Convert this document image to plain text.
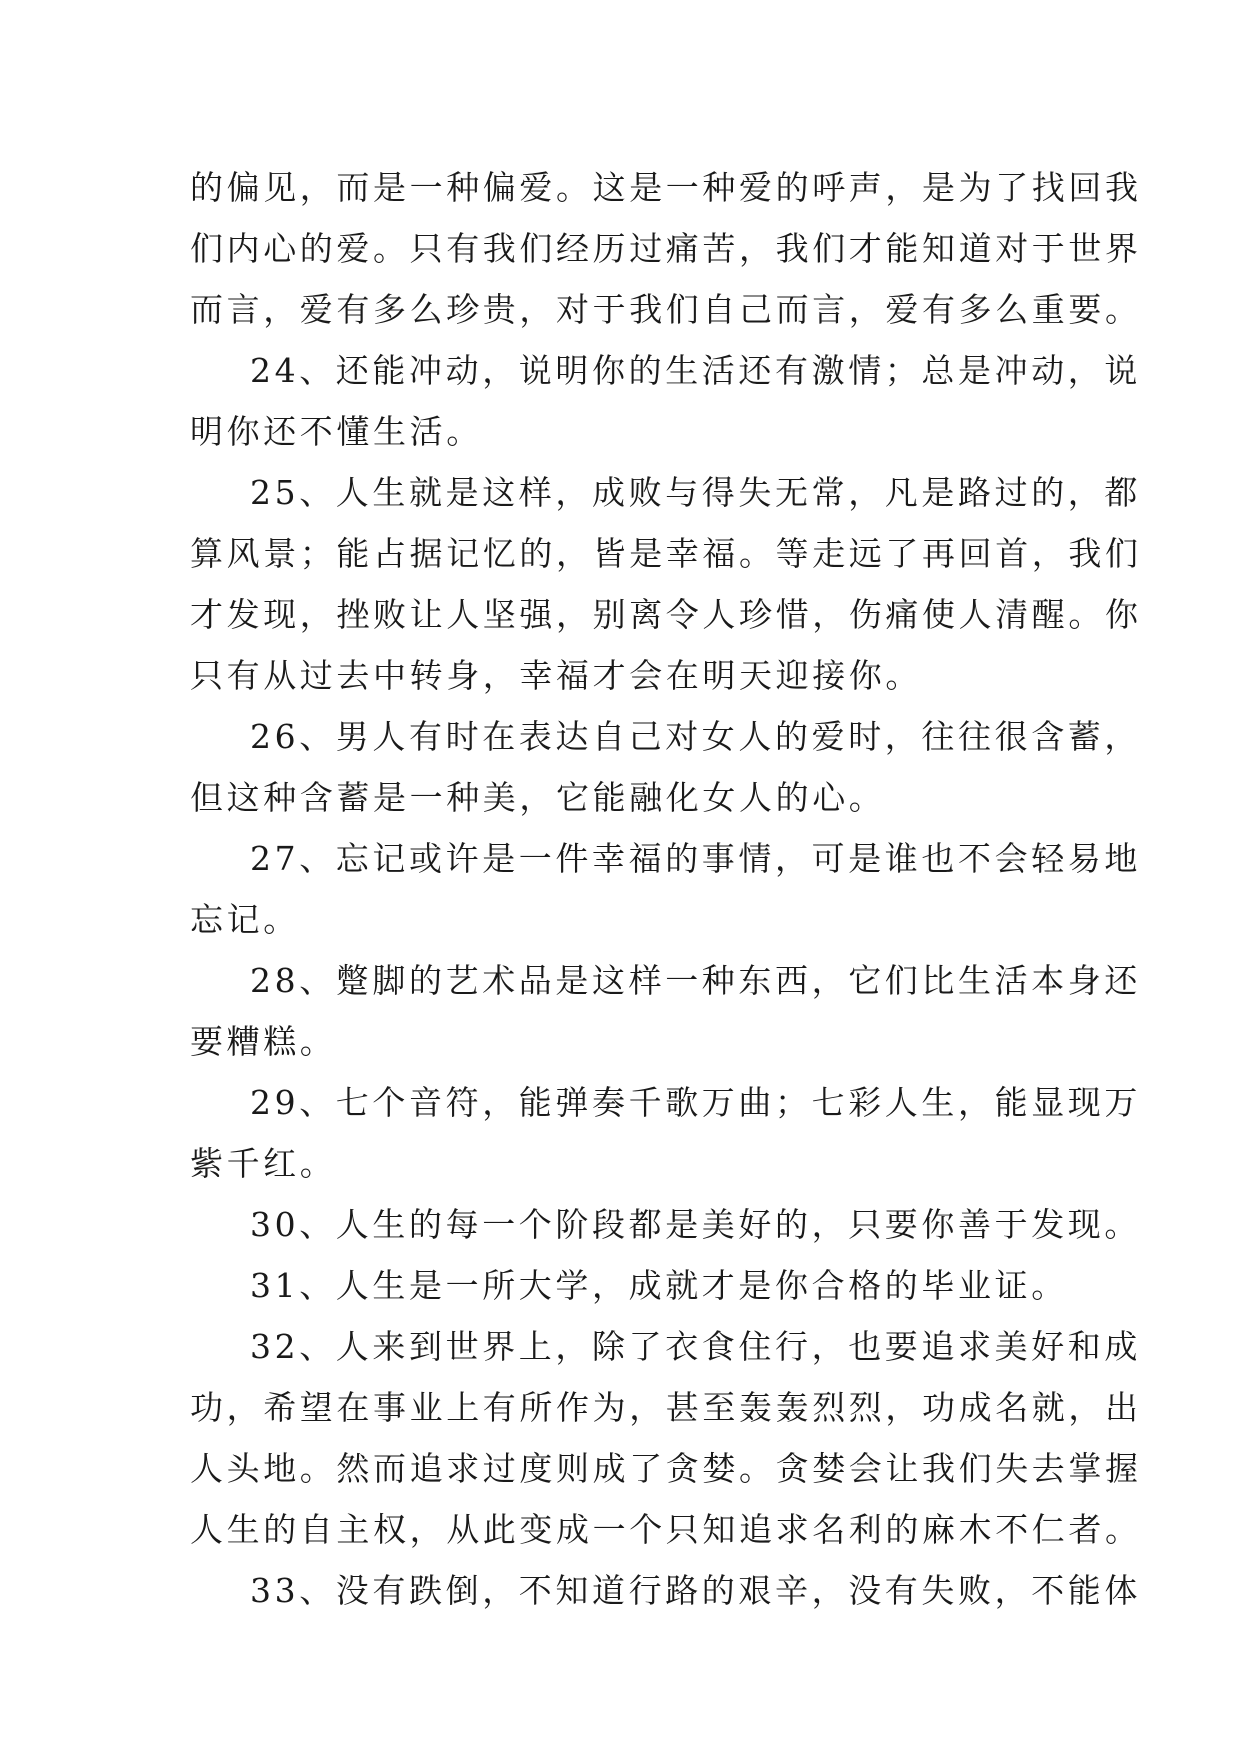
的偏见，而是一种偏爱。这是一种爱的呼声，是为了找回我
们内心的爱。只有我们经历过痛苦，我们才能知道对于世界
而言，爱有多么珍贵，对于我们自己而言，爱有多么重要。
24、还能冲动，说明你的生活还有激情；总是冲动，说
明你还不懂生活。
25、人生就是这样，成败与得失无常，凡是路过的，都
算风景；能占据记忆的，皆是幸福。等走远了再回首，我们
才发现，挫败让人坚强，别离令人珍惜，伤痛使人清醒。你
只有从过去中转身，幸福才会在明天迎接你。
26、男人有时在表达自己对女人的爱时，往往很含蓄，
但这种含蓄是一种美，它能融化女人的心。
27、忘记或许是一件幸福的事情，可是谁也不会轻易地
忘记。
28、蹩脚的艺术品是这样一种东西，它们比生活本身还
要糟糕。
29、七个音符，能弹奏千歌万曲；七彩人生，能显现万
紫千红。
30、人生的每一个阶段都是美好的，只要你善于发现。
31、人生是一所大学，成就才是你合格的毕业证。
32、人来到世界上，除了衣食住行，也要追求美好和成
功，希望在事业上有所作为，甚至轰轰烈烈，功成名就，出
人头地。然而追求过度则成了贪婪。贪婪会让我们失去掌握
人生的自主权，从此变成一个只知追求名利的麻木不仁者。
33、没有跌倒，不知道行路的艰辛，没有失败，不能体
